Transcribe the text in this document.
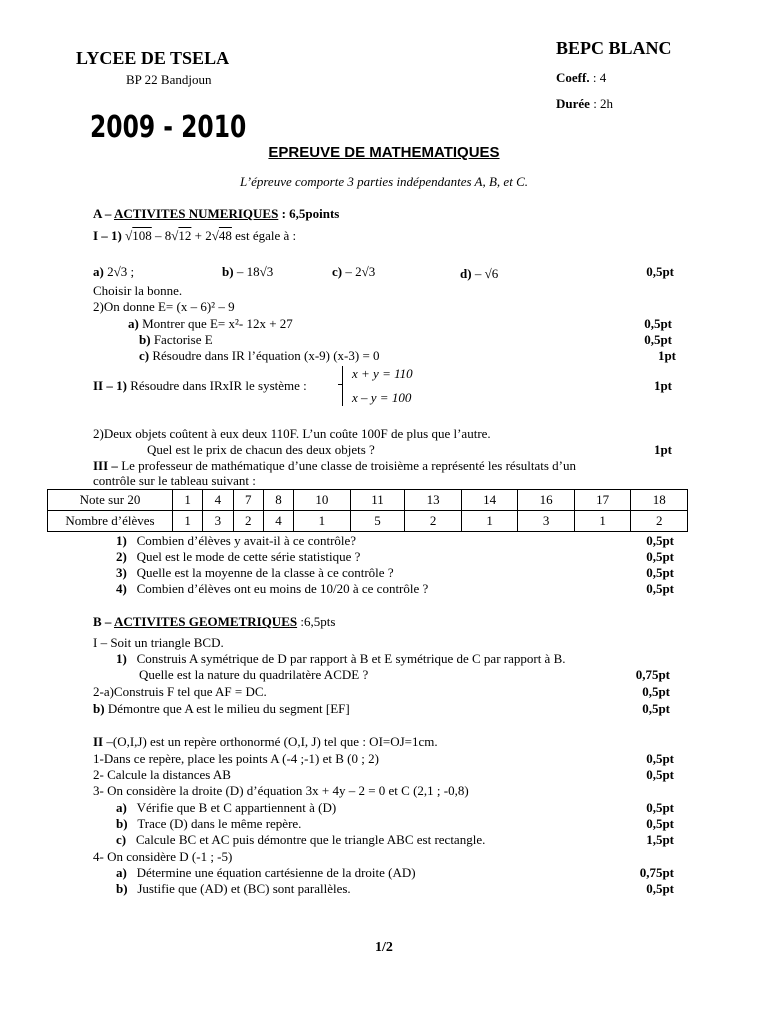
LYCEE DE TSELA
BP 22 Bandjoun
BEPC BLANC
Coeff. : 4
Durée : 2h
2009 - 2010
EPREUVE DE MATHEMATIQUES
L’épreuve comporte 3 parties indépendantes A, B, et C.
A – ACTIVITES NUMERIQUES : 6,5points
I – 1) √108 – 8√12 + 2√48 est égale à :
a) 2√3 ;	b) – 18√3	c) – 2√3	d) – √6	0,5pt
Choisir la bonne.
2)On donne E= (x – 6)² – 9
a) Montrer que E= x²- 12x + 27	0,5pt
b) Factorise E	0,5pt
c) Résoudre dans IR l’équation (x-9) (x-3) = 0	1pt
II – 1) Résoudre dans IRxIR le système :
x + y = 110
x – y = 100
1pt
2)Deux objets coûtent à eux deux 110F. L’un coûte 100F de plus que l’autre.
Quel est le prix de chacun des deux objets ?	1pt
III – Le professeur de mathématique d’une classe de troisième a représenté les résultats d’un
contrôle sur le tableau suivant :
Note sur 20	1	4	7	8	10	11	13	14	16	17	18
Nombre d’élèves	1	3	2	4	1	5	2	1	3	1	2
1) Combien d’élèves y avait-il à ce contrôle?	0,5pt
2) Quel est le mode de cette série statistique ?	0,5pt
3) Quelle est la moyenne de la classe à ce contrôle ?	0,5pt
4) Combien d’élèves ont eu moins de 10/20 à ce contrôle ?	0,5pt
B – ACTIVITES GEOMETRIQUES :6,5pts
I – Soit un triangle BCD.
1) Construis A symétrique de D par rapport à B et E symétrique de C par rapport à B.
Quelle est la nature du quadrilatère ACDE ?	0,75pt
2-a)Construis F tel que AF = DC.	0,5pt
b) Démontre que A est le milieu du segment [EF]	0,5pt
II –(O,I,J) est un repère orthonormé (O,I, J) tel que : OI=OJ=1cm.
1-Dans ce repère, place les points A (-4 ;-1) et B (0 ; 2)	0,5pt
2- Calcule la distances AB	0,5pt
3- On considère la droite (D) d’équation 3x + 4y – 2 = 0 et C (2,1 ; -0,8)
a) Vérifie que B et C appartiennent à (D)	0,5pt
b) Trace (D) dans le même repère.	0,5pt
c) Calcule BC et AC puis démontre que le triangle ABC est rectangle.	1,5pt
4- On considère D (-1 ; -5)
a) Détermine une équation cartésienne de la droite (AD)	0,75pt
b) Justifie que (AD) et (BC) sont parallèles.	0,5pt
1/2
